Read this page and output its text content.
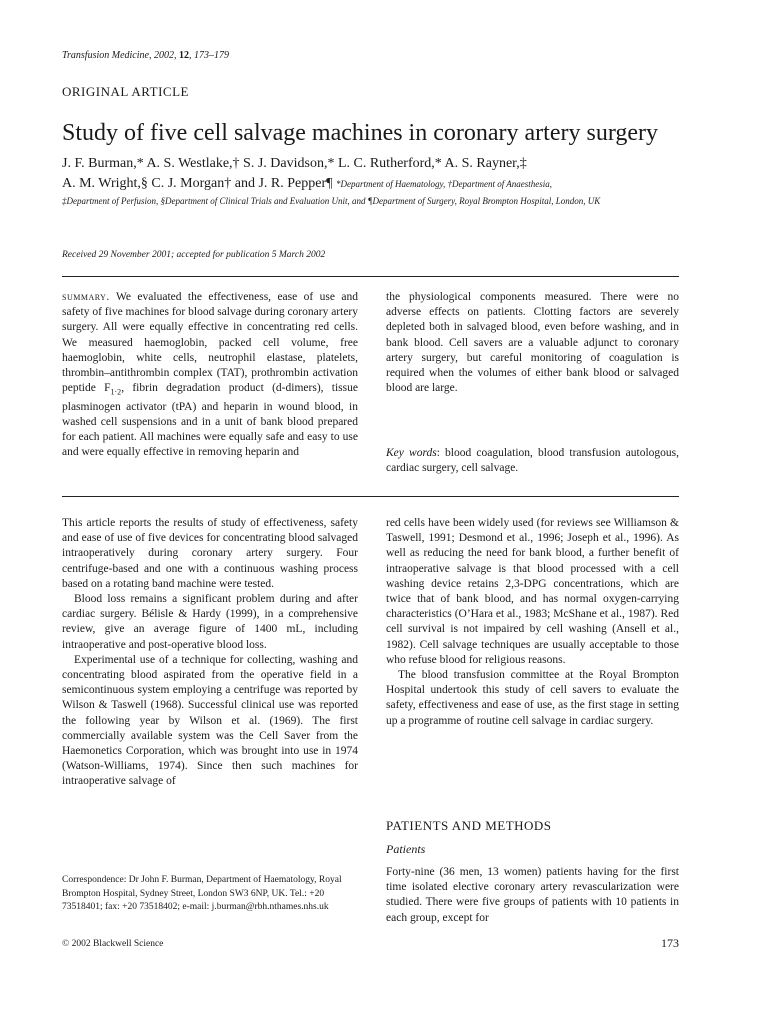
Transfusion Medicine, 2002, 12, 173–179
ORIGINAL ARTICLE
Study of five cell salvage machines in coronary artery surgery
J. F. Burman,* A. S. Westlake,† S. J. Davidson,* L. C. Rutherford,* A. S. Rayner,‡
A. M. Wright,§ C. J. Morgan† and J. R. Pepper¶ *Department of Haematology, †Department of Anaesthesia,
‡Department of Perfusion, §Department of Clinical Trials and Evaluation Unit, and ¶Department of Surgery, Royal Brompton Hospital, London, UK
Received 29 November 2001; accepted for publication 5 March 2002
summary. We evaluated the effectiveness, ease of use and safety of five machines for blood salvage during coronary artery surgery. All were equally effective in concentrating red cells. We measured haemoglobin, packed cell volume, free haemoglobin, white cells, neutrophil elastase, platelets, thrombin–antithrombin complex (TAT), prothrombin activation peptide $F_{1\cdot 2}$, fibrin degradation product (d-dimers), tissue plasminogen activator (tPA) and heparin in wound blood, in washed cell suspensions and in a unit of bank blood prepared for each patient. All machines were equally safe and easy to use and were equally effective in removing heparin and
the physiological components measured. There were no adverse effects on patients. Clotting factors are severely depleted both in salvaged blood, even before washing, and in bank blood. Cell savers are a valuable adjunct to coronary artery surgery, but careful monitoring of coagulation is required when the volumes of either bank blood or salvaged blood are large.
Key words: blood coagulation, blood transfusion autologous, cardiac surgery, cell salvage.

This article reports the results of study of effectiveness, safety and ease of use of five devices for concentrating blood salvaged intraoperatively during coronary artery surgery. Four centrifuge-based and one with a continuous washing process based on a rotating band machine were tested.

Blood loss remains a significant problem during and after cardiac surgery. Bélisle & Hardy (1999), in a comprehensive review, give an average figure of 1400 mL, including intraoperative and post-operative blood loss.

Experimental use of a technique for collecting, washing and concentrating blood aspirated from the operative field in a semicontinuous system employing a centrifuge was reported by Wilson & Taswell (1968). Successful clinical use was reported the following year by Wilson et al. (1969). The first commercially available system was the Cell Saver from the Haemonetics Corporation, which was brought into use in 1974 (Watson-Williams, 1974). Since then such machines for intraoperative salvage of

red cells have been widely used (for reviews see Williamson & Taswell, 1991; Desmond et al., 1996; Joseph et al., 1996). As well as reducing the need for bank blood, a further benefit of intraoperative salvage is that blood processed with a cell washing device retains 2,3-DPG concentrations, which are twice that of bank blood, and has normal oxygen-carrying characteristics (O’Hara et al., 1983; McShane et al., 1987). Red cell survival is not impaired by cell washing (Ansell et al., 1982). Cell salvage techniques are usually acceptable to those who refuse blood for religious reasons.

The blood transfusion committee at the Royal Brompton Hospital undertook this study of cell savers to evaluate the safety, effectiveness and ease of use, as the first stage in setting up a programme of routine cell salvage in cardiac surgery.

PATIENTS AND METHODS
Patients
Forty-nine (36 men, 13 women) patients having for the first time isolated elective coronary artery revascularization were studied. There were five groups of patients with 10 patients in each group, except for
Correspondence: Dr John F. Burman, Department of Haematology, Royal Brompton Hospital, Sydney Street, London SW3 6NP, UK. Tel.: +20 73518401; fax: +20 73518402; e-mail: j.burman@rbh.nthames.nhs.uk
© 2002 Blackwell Science	173
